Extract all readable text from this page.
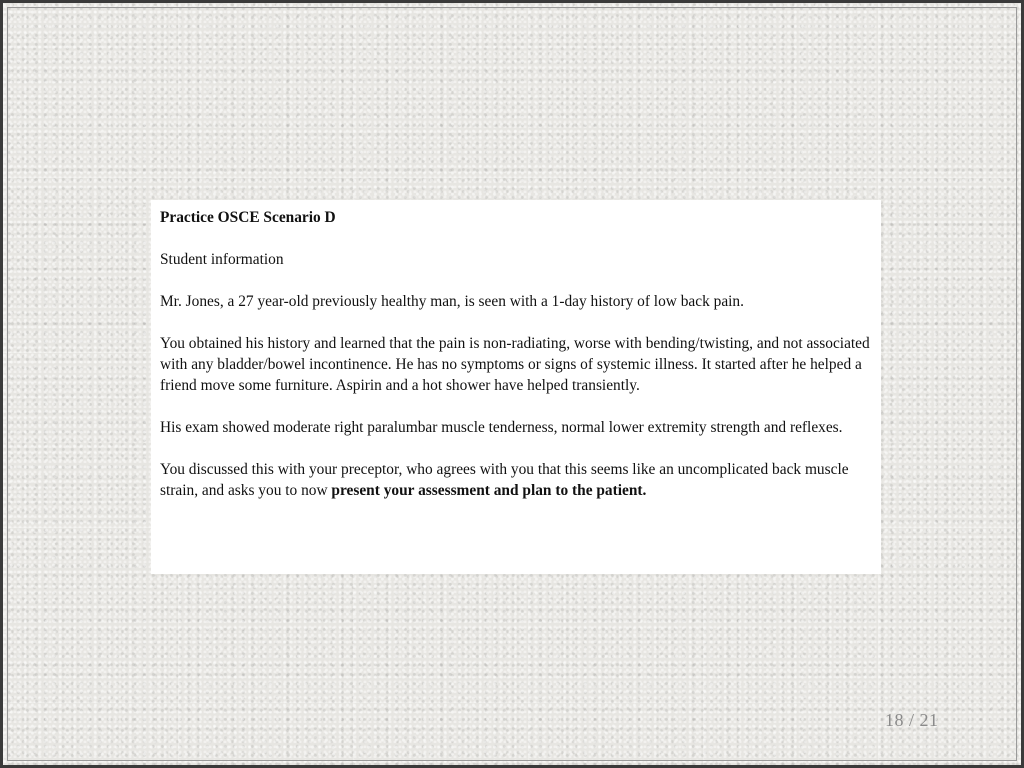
Practice OSCE Scenario D

Student information

Mr. Jones, a 27 year-old previously healthy man, is seen with a 1-day history of low back pain.

You obtained his history and learned that the pain is non-radiating, worse with bending/twisting, and not associated with any bladder/bowel incontinence. He has no symptoms or signs of systemic illness. It started after he helped a friend move some furniture. Aspirin and a hot shower have helped transiently.

His exam showed moderate right paralumbar muscle tenderness, normal lower extremity strength and reflexes.

You discussed this with your preceptor, who agrees with you that this seems like an uncomplicated back muscle strain, and asks you to now present your assessment and plan to the patient.

18 / 21
